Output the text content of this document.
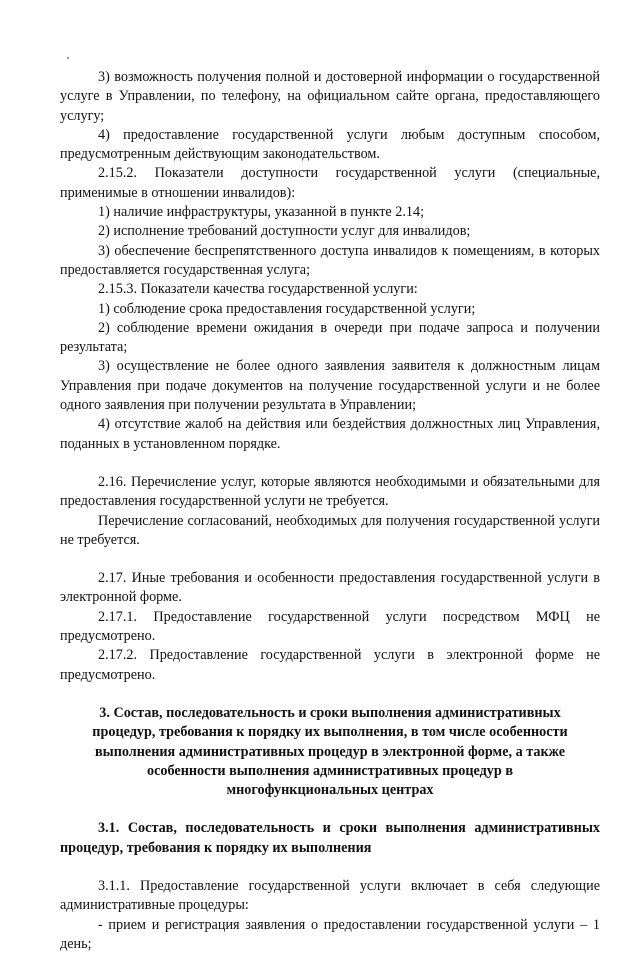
3) возможность получения полной и достоверной информации о государственной услуге в Управлении, по телефону, на официальном сайте органа, предоставляющего услугу;

4) предоставление государственной услуги любым доступным способом, предусмотренным действующим законодательством.

2.15.2. Показатели доступности государственной услуги (специальные, применимые в отношении инвалидов):

1) наличие инфраструктуры, указанной в пункте 2.14;

2) исполнение требований доступности услуг для инвалидов;

3) обеспечение беспрепятственного доступа инвалидов к помещениям, в которых предоставляется государственная услуга;

2.15.3. Показатели качества государственной услуги:

1) соблюдение срока предоставления государственной услуги;

2) соблюдение времени ожидания в очереди при подаче запроса и получении результата;

3) осуществление не более одного заявления заявителя к должностным лицам Управления при подаче документов на получение государственной услуги и не более одного заявления при получении результата в Управлении;

4) отсутствие жалоб на действия или бездействия должностных лиц Управления, поданных в установленном порядке.

2.16. Перечисление услуг, которые являются необходимыми и обязательными для предоставления государственной услуги не требуется.

Перечисление согласований, необходимых для получения государственной услуги не требуется.

2.17. Иные требования и особенности предоставления государственной услуги в электронной форме.

2.17.1. Предоставление государственной услуги посредством МФЦ не предусмотрено.

2.17.2. Предоставление государственной услуги в электронной форме не предусмотрено.

3. Состав, последовательность и сроки выполнения административных процедур, требования к порядку их выполнения, в том числе особенности выполнения административных процедур в электронной форме, а также особенности выполнения административных процедур в многофункциональных центрах

3.1. Состав, последовательность и сроки выполнения административных процедур, требования к порядку их выполнения

3.1.1. Предоставление государственной услуги включает в себя следующие административные процедуры:

- прием и регистрация заявления о предоставлении государственной услуги – 1 день;
